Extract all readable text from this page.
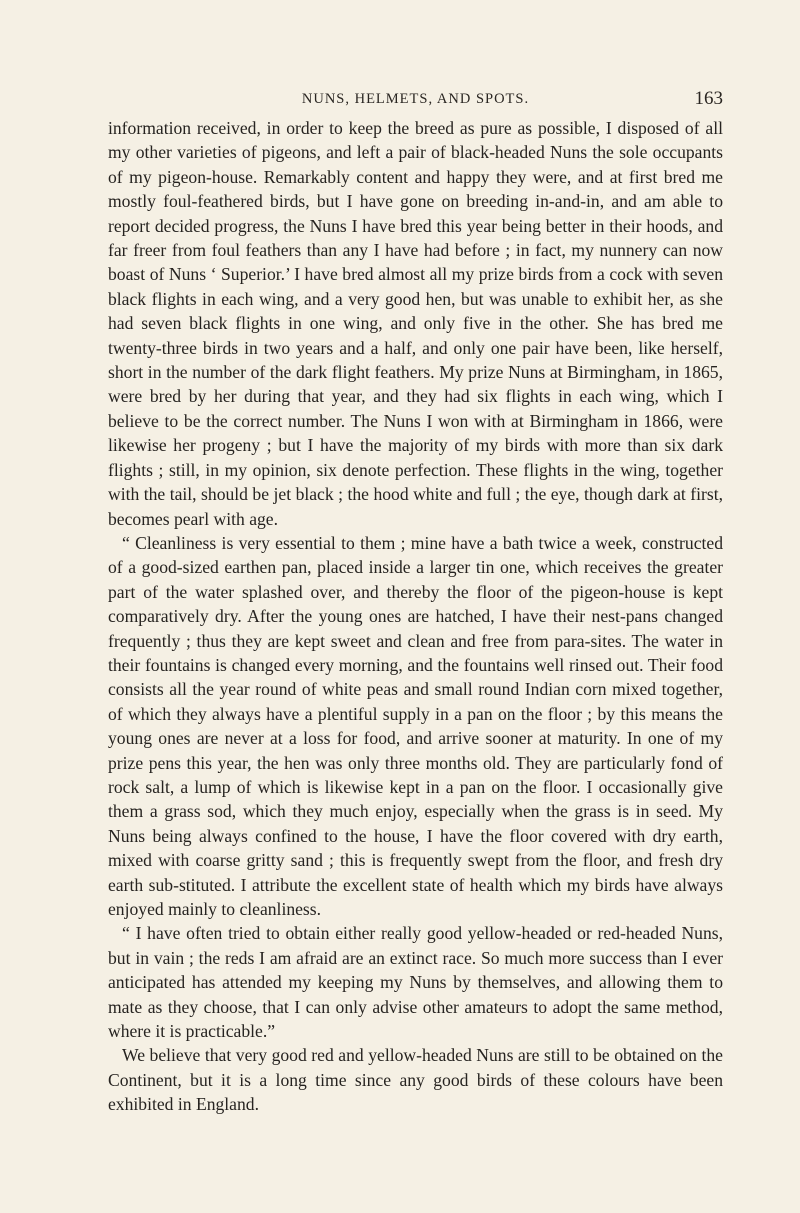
NUNS, HELMETS, AND SPOTS.	163

information received, in order to keep the breed as pure as possible, I disposed of all my other varieties of pigeons, and left a pair of black-headed Nuns the sole occupants of my pigeon-house. Remarkably content and happy they were, and at first bred me mostly foul-feathered birds, but I have gone on breeding in-and-in, and am able to report decided progress, the Nuns I have bred this year being better in their hoods, and far freer from foul feathers than any I have had before ; in fact, my nunnery can now boast of Nuns ‘ Superior.’ I have bred almost all my prize birds from a cock with seven black flights in each wing, and a very good hen, but was unable to exhibit her, as she had seven black flights in one wing, and only five in the other. She has bred me twenty-three birds in two years and a half, and only one pair have been, like herself, short in the number of the dark flight feathers. My prize Nuns at Birmingham, in 1865, were bred by her during that year, and they had six flights in each wing, which I believe to be the correct number. The Nuns I won with at Birmingham in 1866, were likewise her progeny ; but I have the majority of my birds with more than six dark flights ; still, in my opinion, six denote perfection. These flights in the wing, together with the tail, should be jet black ; the hood white and full ; the eye, though dark at first, becomes pearl with age.

“ Cleanliness is very essential to them ; mine have a bath twice a week, constructed of a good-sized earthen pan, placed inside a larger tin one, which receives the greater part of the water splashed over, and thereby the floor of the pigeon-house is kept comparatively dry. After the young ones are hatched, I have their nest-pans changed frequently ; thus they are kept sweet and clean and free from para-sites. The water in their fountains is changed every morning, and the fountains well rinsed out. Their food consists all the year round of white peas and small round Indian corn mixed together, of which they always have a plentiful supply in a pan on the floor ; by this means the young ones are never at a loss for food, and arrive sooner at maturity. In one of my prize pens this year, the hen was only three months old. They are particularly fond of rock salt, a lump of which is likewise kept in a pan on the floor. I occasionally give them a grass sod, which they much enjoy, especially when the grass is in seed. My Nuns being always confined to the house, I have the floor covered with dry earth, mixed with coarse gritty sand ; this is frequently swept from the floor, and fresh dry earth sub-stituted. I attribute the excellent state of health which my birds have always enjoyed mainly to cleanliness.

“ I have often tried to obtain either really good yellow-headed or red-headed Nuns, but in vain ; the reds I am afraid are an extinct race. So much more success than I ever anticipated has attended my keeping my Nuns by themselves, and allowing them to mate as they choose, that I can only advise other amateurs to adopt the same method, where it is practicable.”

We believe that very good red and yellow-headed Nuns are still to be obtained on the Continent, but it is a long time since any good birds of these colours have been exhibited in England.
